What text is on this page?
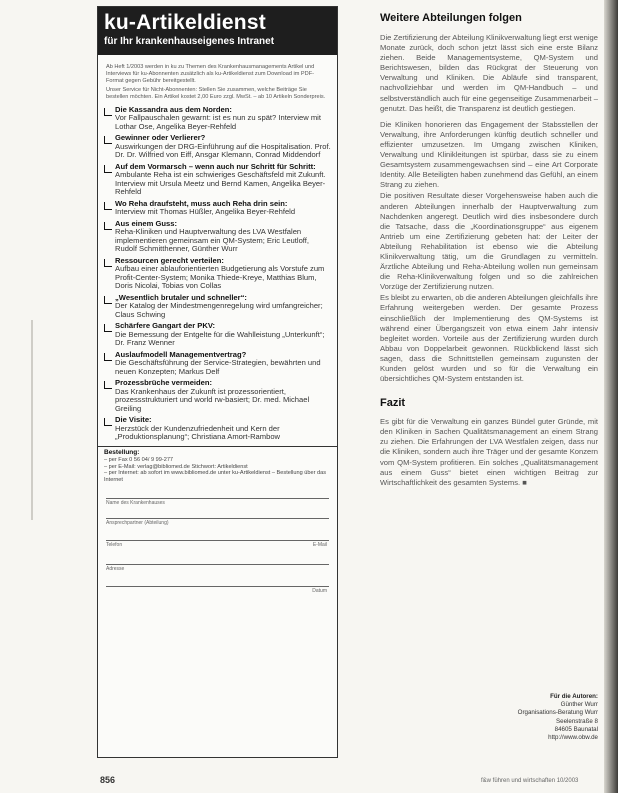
ku-Artikeldienst
für Ihr krankenhauseigenes Intranet

Ab Heft 1/2003 werden in ku zu Themen des Krankenhausmanagements Artikel und Interviews für ku-Abonnenten zusätzlich als ku-Artikeldienst zum Download im PDF-Format gegen Gebühr bereitgestellt.

Unser Service für Nicht-Abonnenten: Stellen Sie zusammen, welche Beiträge Sie bestellen möchten. Ein Artikel kostet 2,00 Euro zzgl. MwSt. – ab 10 Artikeln Sonderpreis.

Die Kassandra aus dem Norden:
Vor Fallpauschalen gewarnt: ist es nun zu spät? Interview mit Lothar Ose, Angelika Beyer-Rehfeld
Gewinner oder Verlierer?
Auswirkungen der DRG-Einführung auf die Hospitalisation. Prof. Dr. Dr. Wilfried von Eiff, Ansgar Klemann, Conrad Middendorf
Auf dem Vormarsch – wenn auch nur Schritt für Schritt:
Ambulante Reha ist ein schwieriges Geschäftsfeld mit Zukunft. Interview mit Ursula Meetz und Bernd Kamen, Angelika Beyer-Rehfeld
Wo Reha draufsteht, muss auch Reha drin sein:
Interview mit Thomas Hüßler, Angelika Beyer-Rehfeld
Aus einem Guss:
Reha-Kliniken und Hauptverwaltung des LVA Westfalen implementieren gemeinsam ein QM-System; Eric Leutloff, Rudolf Schmitthenner, Günther Wurr
Ressourcen gerecht verteilen:
Aufbau einer ablauforientierten Budgetierung als Vorstufe zum Profit-Center-System; Monika Thiede-Kreye, Matthias Blum, Doris Nicolai, Tobias von Collas
„Wesentlich brutaler und schneller“:
Der Katalog der Mindestmengenregelung wird umfangreicher; Claus Schwing
Schärfere Gangart der PKV:
Die Bemessung der Entgelte für die Wahlleistung „Unterkunft“; Dr. Franz Wenner
Auslaufmodell Managementvertrag?
Die Geschäftsführung der Service-Strategien, bewährten und neuen Konzepten; Markus Delf
Prozessbrüche vermeiden:
Das Krankenhaus der Zukunft ist prozessorientiert, prozessstrukturiert und world rw-basiert; Dr. med. Michael Greiling
Die Visite:
Herzstück der Kundenzufriedenheit und Kern der „Produktionsplanung“; Christiana Amort-Rambow
Bestellung:

– per Fax 0 56 04/ 9 99-277

– per E-Mail: verlag@bibliomed.de Stichwort: Artikeldienst

– per Internet: ab sofort im www.bibliomed.de unter ku-Artikeldienst – Bestellung über das Internet

Name des Krankenhauses
Ansprechpartner (Abteilung)
Telefon	E-Mail
Adresse
Datum
Weitere Abteilungen folgen

Die Zertifizierung der Abteilung Klinikverwaltung liegt erst wenige Monate zurück, doch schon jetzt lässt sich eine erste Bilanz ziehen. Beide Managementsysteme, QM-System und Berichtswesen, bilden das Rückgrat der Steuerung von Verwaltung und Kliniken. Die Abläufe sind transparent, nachvollziehbar und werden im QM-Handbuch – und selbstverständlich auch für eine gegenseitige Zusammenarbeit – genutzt. Das heißt, die Transparenz ist deutlich gestiegen.

Die Kliniken honorieren das Engagement der Stabsstellen der Verwaltung, ihre Anforderungen künftig deutlich schneller und effizienter umzusetzen. Im Umgang zwischen Kliniken, Verwaltung und Klinikleitungen ist spürbar, dass sie zu einem Gesamtsystem zusammengewachsen sind – eine Art Corporate Identity. Alle Beteiligten haben zunehmend das Gefühl, an einem Strang zu ziehen.

Die positiven Resultate dieser Vorgehensweise haben auch die anderen Abteilungen innerhalb der Hauptverwaltung zum Nachdenken angeregt. Deutlich wird dies insbesondere durch die Tatsache, dass die „Koordinationsgruppe“ aus eigenem Antrieb um eine Zertifizierung gebeten hat: der Leiter der Abteilung Rehabilitation ist ebenso wie die Abteilung Klinikverwaltung tätig, um die Grundlagen zu vermitteln. Ärztliche Abteilung und Reha-Abteilung wollen nun gemeinsam die Reha-Klinikverwaltung folgen und so die zahlreichen Vorzüge der Zertifizierung nutzen.

Es bleibt zu erwarten, ob die anderen Abteilungen gleichfalls ihre Erfahrung weitergeben werden. Der gesamte Prozess einschließlich der Implementierung des QM-Systems ist während einer Übergangszeit von etwa einem Jahr intensiv begleitet worden. Vorteile aus der Zertifizierung wurden durch Abbau von Doppelarbeit gewonnen. Rückblickend lässt sich sagen, dass die Schnittstellen gemeinsam zugunsten der Kunden gelöst wurden und so für die Verwaltung ein übersichtliches QM-System entstanden ist.

Fazit

Es gibt für die Verwaltung ein ganzes Bündel guter Gründe, mit den Kliniken in Sachen Qualitätsmanagement an einem Strang zu ziehen. Die Erfahrungen der LVA Westfalen zeigen, dass nur die Kliniken, sondern auch ihre Träger und der gesamte Konzern vom QM-System profitieren. Ein solches „Qualitätsmanagement aus einem Guss“ bietet einen wichtigen Beitrag zur Wirtschaftlichkeit des gesamten Systems. ■

Für die Autoren:
Günther Wurr
Organisations-Beratung Wurr
Seelenstraße 8
84605 Baunatal
http://www.obw.de
856	f&w führen und wirtschaften 10/2003
